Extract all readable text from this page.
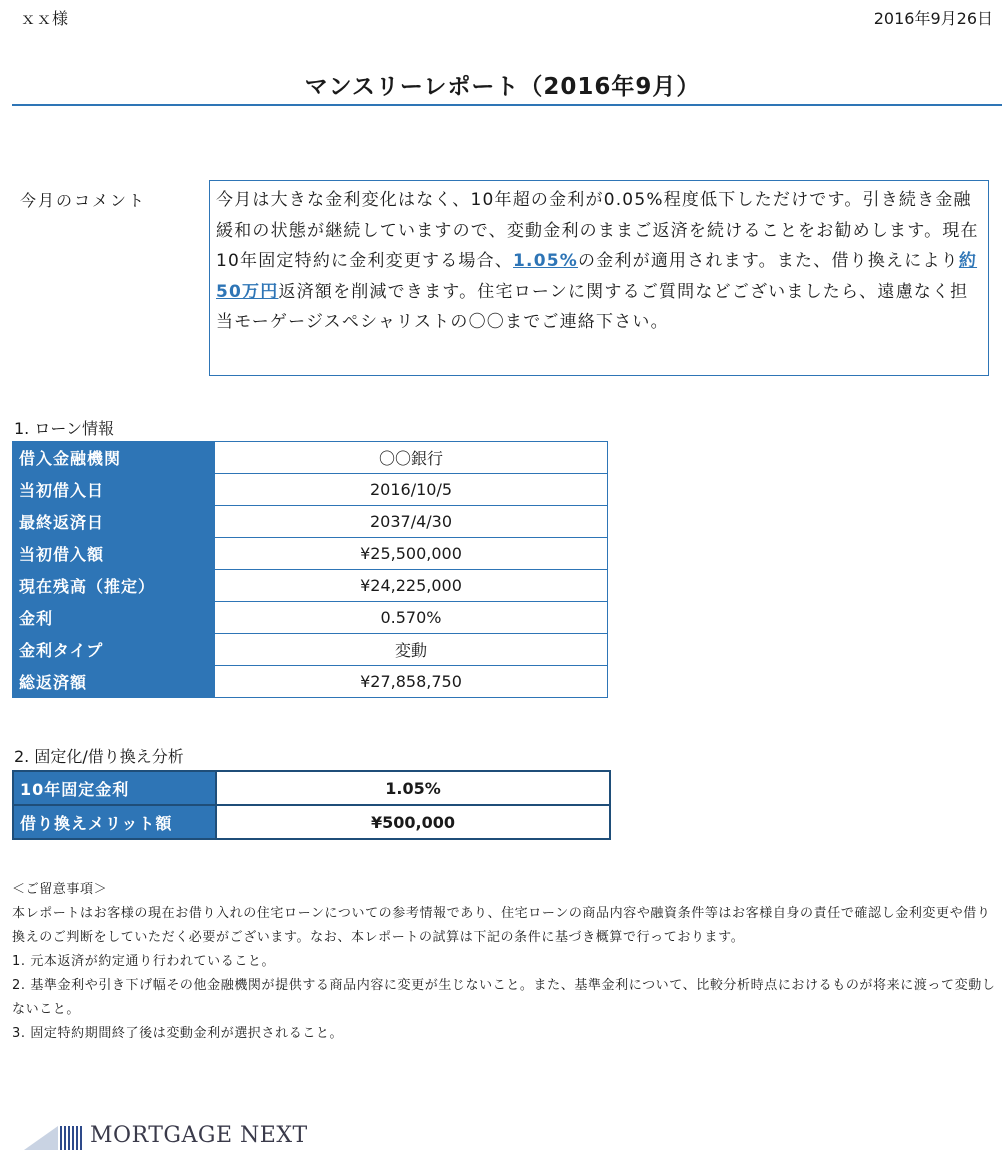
ｘｘ様	2016年9月26日
マンスリーレポート（2016年9月）
今月のコメント	今月は大きな金利変化はなく、10年超の金利が0.05%程度低下しただけです。引き続き金融緩和の状態が継続していますので、変動金利のままご返済を続けることをお勧めします。現在10年固定特約に金利変更する場合、1.05%の金利が適用されます。また、借り換えにより約50万円返済額を削減できます。住宅ローンに関するご質問などございましたら、遠慮なく担当モーゲージスペシャリストの〇〇までご連絡下さい。
1. ローン情報
借入金融機関	〇〇銀行
当初借入日	2016/10/5
最終返済日	2037/4/30
当初借入額	¥25,500,000
現在残高（推定）	¥24,225,000
金利	0.570%
金利タイプ	変動
総返済額	¥27,858,750
2. 固定化/借り換え分析
10年固定金利	1.05%
借り換えメリット額	¥500,000

＜ご留意事項＞

本レポートはお客様の現在お借り入れの住宅ローンについての参考情報であり、住宅ローンの商品内容や融資条件等はお客様自身の責任で確認し金利変更や借り換えのご判断をしていただく必要がございます。なお、本レポートの試算は下記の条件に基づき概算で行っております。

1. 元本返済が約定通り行われていること。

2. 基準金利や引き下げ幅その他金融機関が提供する商品内容に変更が生じないこと。また、基準金利について、比較分析時点におけるものが将来に渡って変動しないこと。

3. 固定特約期間終了後は変動金利が選択されること。

MORTGAGE NEXT
